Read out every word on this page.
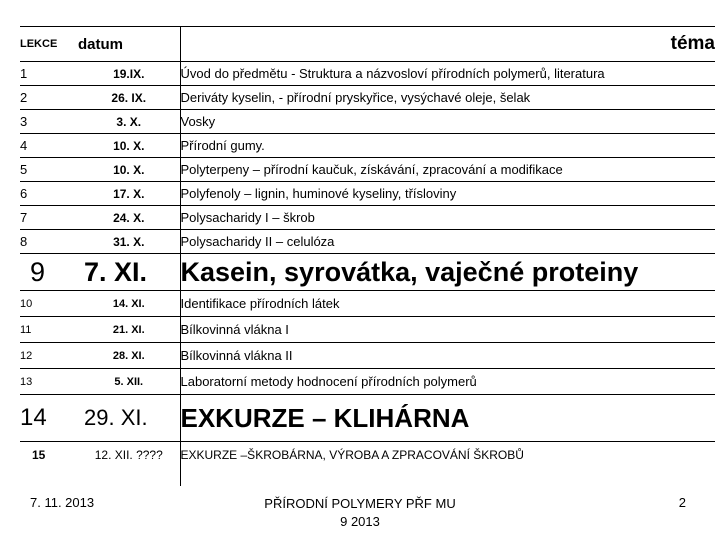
LEKCE	datum	téma
1	19.IX.	Úvod do předmětu - Struktura a názvosloví přírodních polymerů, literatura
2	26. IX.	Deriváty kyselin, - přírodní pryskyřice, vysýchavé oleje, šelak
3	3. X.	Vosky
4	10. X.	Přírodní gumy.
5	10. X.	Polyterpeny – přírodní kaučuk, získávání, zpracování a modifikace
6	17. X.	Polyfenoly – lignin, huminové kyseliny, třísloviny
7	24. X.	Polysacharidy I – škrob
8	31. X.	Polysacharidy II – celulóza
9	7. XI.	Kasein, syrovátka, vaječné proteiny
10	14. XI.	Identifikace přírodních látek
11	21. XI.	Bílkovinná vlákna I
12	28. XI.	Bílkovinná vlákna II
13	5. XII.	Laboratorní metody hodnocení přírodních polymerů
14	29. XI.	EXKURZE – KLIHÁRNA
15	12. XII. ????	EXKURZE –ŠKROBÁRNA, VÝROBA A ZPRACOVÁNÍ ŠKROBŮ
7. 11. 2013	PŘÍRODNÍ POLYMERY PŘF MU
9 2013
2
